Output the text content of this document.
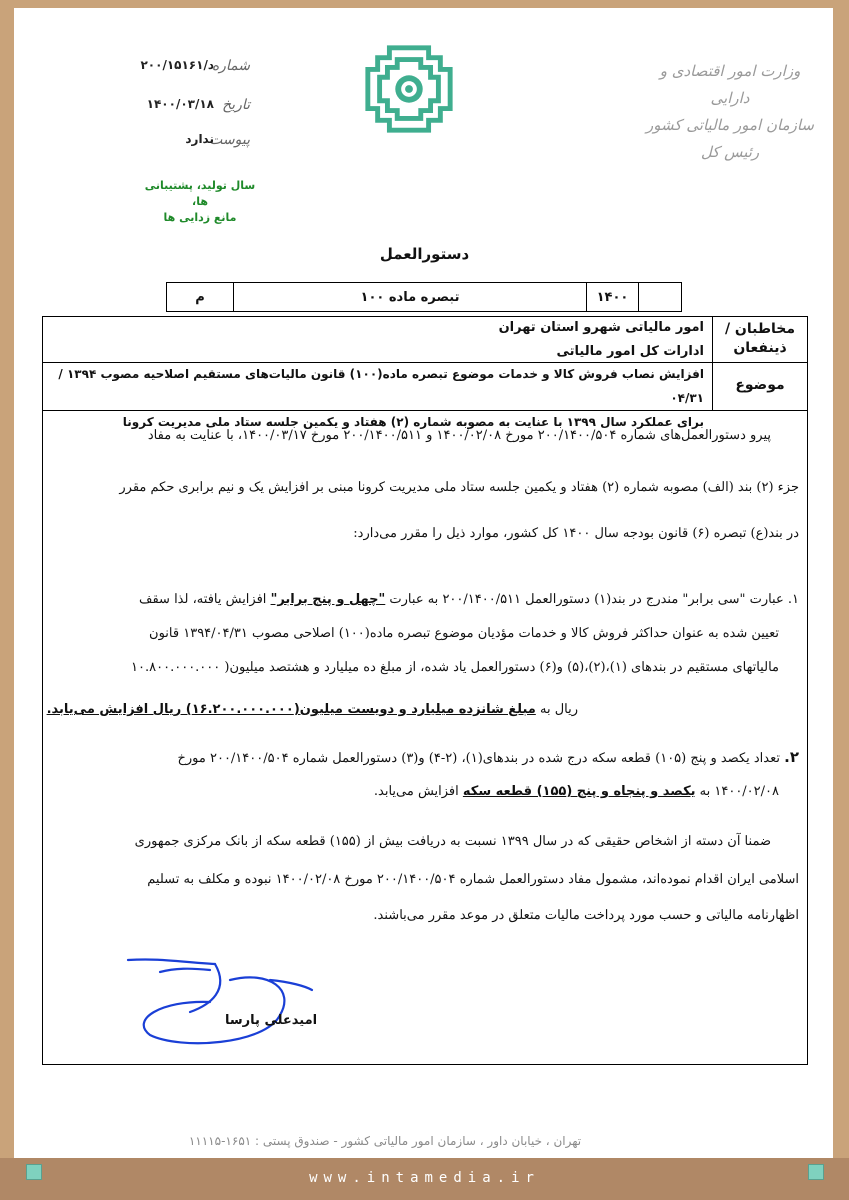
شماره
د/۲۰۰/۱۵۱۶۱
تاریخ
۱۴۰۰/۰۳/۱۸
پیوست
ندارد
سال تولید، پشتیبانی ها،
مانع زدایی ها
وزارت امور اقتصادی و دارایی
سازمان امور مالیاتی کشور
رئیس کل
دستورالعمل
م	تبصره ماده ۱۰۰	۱۴۰۰
مخاطبان / ذینفعان
امور مالیاتی شهرو استان تهران
ادارات کل امور مالیاتی
موضوع
افزایش نصاب فروش کالا و خدمات موضوع تبصره ماده(۱۰۰) قانون مالیات‌های مستقیم اصلاحیه مصوب ۱۳۹۴ /۰۴/۳۱
برای عملکرد سال ۱۳۹۹ با عنایت به مصوبه شماره (۲) هفتاد و یکمین جلسه ستاد ملی مدیریت کرونا
پیرو دستورالعمل‌های شماره ۲۰۰/۱۴۰۰/۵۰۴ مورخ ۱۴۰۰/۰۲/۰۸ و ۲۰۰/۱۴۰۰/۵۱۱ مورخ ۱۴۰۰/۰۳/۱۷، با عنایت به مفاد
جزء (۲) بند (الف) مصوبه شماره (۲) هفتاد و یکمین جلسه ستاد ملی مدیریت کرونا مبنی بر افزایش یک و نیم برابری حکم مقرر
در بند(ع) تبصره (۶) قانون بودجه سال ۱۴۰۰ کل کشور، موارد ذیل را مقرر می‌دارد:
۱. عبارت "سی برابر" مندرج در بند(۱) دستورالعمل ۲۰۰/۱۴۰۰/۵۱۱ به عبارت "چهل و پنج برابر" افزایش یافته، لذا سقف
تعیین شده به عنوان حداکثر فروش کالا و خدمات مؤدیان موضوع تبصره ماده(۱۰۰) اصلاحی مصوب ۱۳۹۴/۰۴/۳۱ قانون
مالیاتهای مستقیم در بندهای (۱)،(۲)،(۵) و(۶) دستورالعمل یاد شده، از مبلغ ده میلیارد و هشتصد میلیون( ۱۰.۸۰۰.۰۰۰.۰۰۰
ریال به مبلغ شانزده میلیارد و دویست میلیون(۱۶.۲۰۰.۰۰۰.۰۰۰) ریال افزایش می‌یابد.
۲. تعداد یکصد و پنج (۱۰۵) قطعه سکه درج شده در بندهای(۱)، (۲-۴) و(۳) دستورالعمل شماره ۲۰۰/۱۴۰۰/۵۰۴ مورخ
۱۴۰۰/۰۲/۰۸ به یکصد و پنجاه و پنج (۱۵۵) قطعه سکه افزایش می‌یابد.
ضمنا آن دسته از اشخاص حقیقی که در سال ۱۳۹۹ نسبت به دریافت بیش از (۱۵۵) قطعه سکه از بانک مرکزی جمهوری
اسلامی ایران اقدام نموده‌اند، مشمول مفاد دستورالعمل شماره ۲۰۰/۱۴۰۰/۵۰۴ مورخ ۱۴۰۰/۰۲/۰۸ نبوده و مکلف به تسلیم
اظهارنامه مالیاتی و حسب مورد پرداخت مالیات متعلق در موعد مقرر می‌باشند.
امیدعلی پارسا
تهران ، خیابان داور ، سازمان امور مالیاتی کشور - صندوق پستی : ۱۶۵۱-۱۱۱۱۵
www.intamedia.ir
